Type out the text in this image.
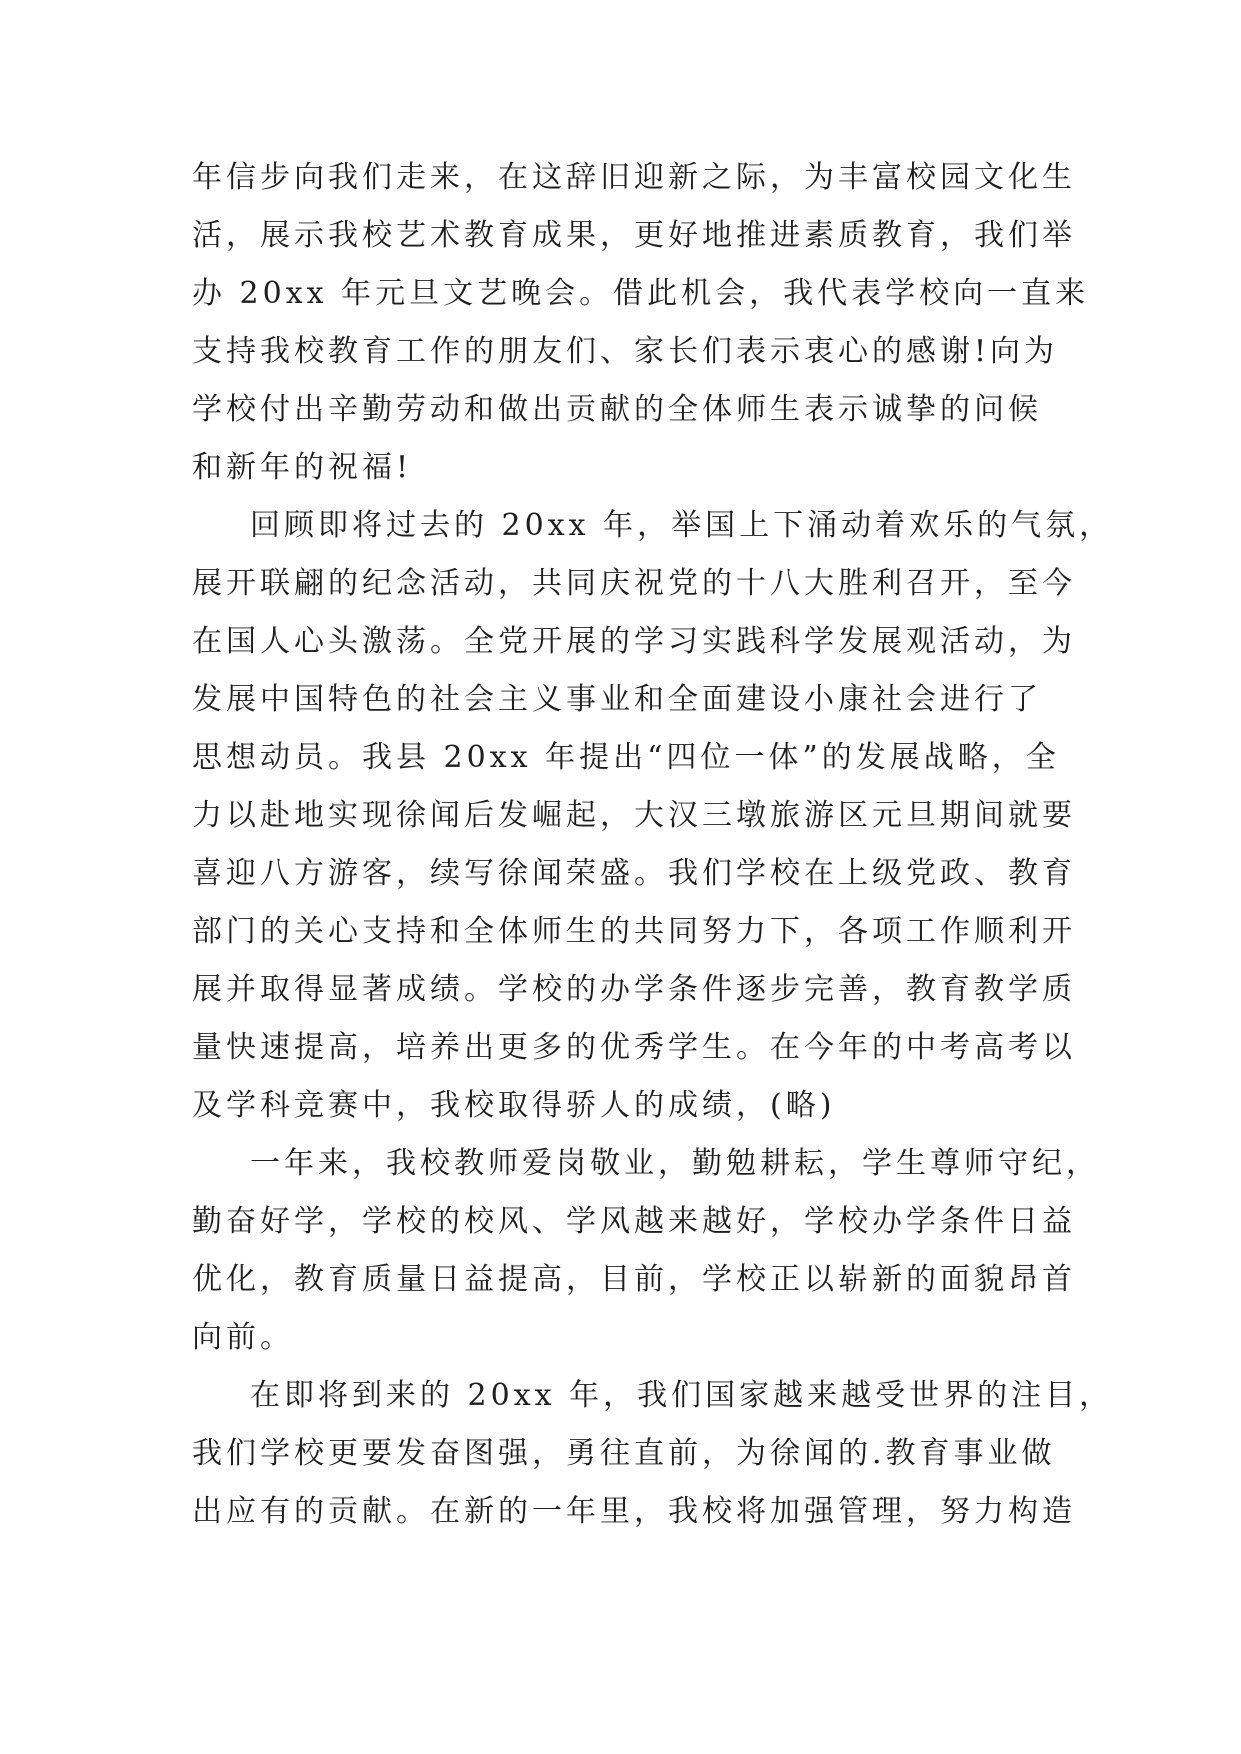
年信步向我们走来，在这辞旧迎新之际，为丰富校园文化生
活，展示我校艺术教育成果，更好地推进素质教育，我们举
办 20xx 年元旦文艺晚会。借此机会，我代表学校向一直来
支持我校教育工作的朋友们、家长们表示衷心的感谢!向为
学校付出辛勤劳动和做出贡献的全体师生表示诚挚的问候
和新年的祝福!
回顾即将过去的 20xx 年，举国上下涌动着欢乐的气氛，
展开联翩的纪念活动，共同庆祝党的十八大胜利召开，至今
在国人心头激荡。全党开展的学习实践科学发展观活动，为
发展中国特色的社会主义事业和全面建设小康社会进行了
思想动员。我县 20xx 年提出“四位一体”的发展战略，全
力以赴地实现徐闻后发崛起，大汉三墩旅游区元旦期间就要
喜迎八方游客，续写徐闻荣盛。我们学校在上级党政、教育
部门的关心支持和全体师生的共同努力下，各项工作顺利开
展并取得显著成绩。学校的办学条件逐步完善，教育教学质
量快速提高，培养出更多的优秀学生。在今年的中考高考以
及学科竞赛中，我校取得骄人的成绩，(略)
一年来，我校教师爱岗敬业，勤勉耕耘，学生尊师守纪，
勤奋好学，学校的校风、学风越来越好，学校办学条件日益
优化，教育质量日益提高，目前，学校正以崭新的面貌昂首
向前。
在即将到来的 20xx 年，我们国家越来越受世界的注目，
我们学校更要发奋图强，勇往直前，为徐闻的.教育事业做
出应有的贡献。在新的一年里，我校将加强管理，努力构造
